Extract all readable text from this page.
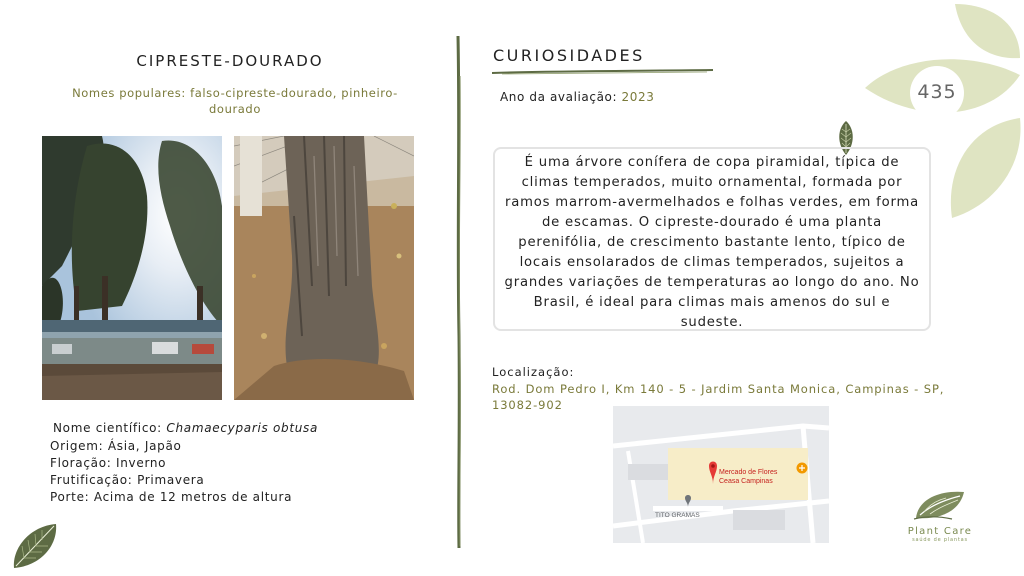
435
CIPRESTE-DOURADO
Nomes populares: falso-cipreste-dourado, pinheiro-dourado
Nome científico: Chamaecyparis obtusa
Origem: Ásia, Japão
Floração: Inverno
Frutificação: Primavera
Porte: Acima de 12 metros de altura
CURIOSIDADES
Ano da avaliação: 2023
É uma árvore conífera de copa piramidal, típica de climas temperados, muito ornamental, formada por ramos marrom-avermelhados e folhas verdes, em forma de escamas. O cipreste-dourado é uma planta perenifólia, de crescimento bastante lento, típico de locais ensolarados de climas temperados, sujeitos a grandes variações de temperaturas ao longo do ano. No Brasil, é ideal para climas mais amenos do sul e sudeste.
Localização:
Rod. Dom Pedro I, Km 140 - 5 - Jardim Santa Monica, Campinas - SP, 13082-902
Mercado de Flores
Ceasa Campinas
TITO GRAMAS
Plant Care
saúde de plantas
